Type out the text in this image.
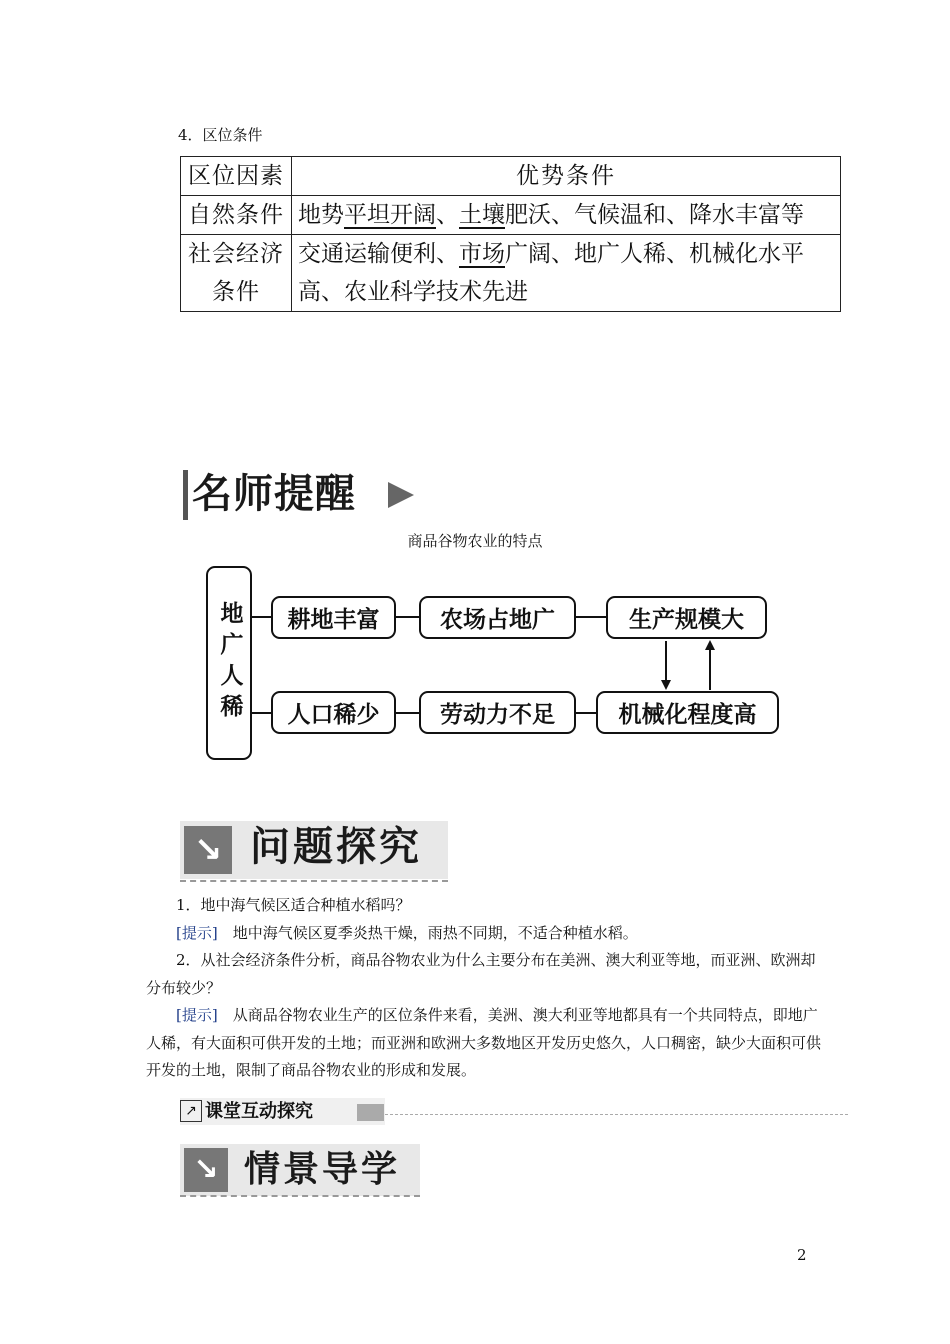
4．区位条件
区位因素	优势条件
自然条件	地势平坦开阔、土壤肥沃、气候温和、降水丰富等
社会经济条件	交通运输便利、市场广阔、地广人稀、机械化水平高、农业科学技术先进
名师提醒
商品谷物农业的特点
地广人稀	耕地丰富	农场占地广	生产规模大
人口稀少	劳动力不足	机械化程度高
↘ 问题探究

1．地中海气候区适合种植水稻吗？

[提示]　地中海气候区夏季炎热干燥，雨热不同期，不适合种植水稻。

2．从社会经济条件分析，商品谷物农业为什么主要分布在美洲、澳大利亚等地，而亚洲、欧洲却分布较少？

[提示]　从商品谷物农业生产的区位条件来看，美洲、澳大利亚等地都具有一个共同特点，即地广人稀，有大面积可供开发的土地；而亚洲和欧洲大多数地区开发历史悠久，人口稠密，缺少大面积可供开发的土地，限制了商品谷物农业的形成和发展。

↗ 课堂互动探究
↘ 情景导学
2
